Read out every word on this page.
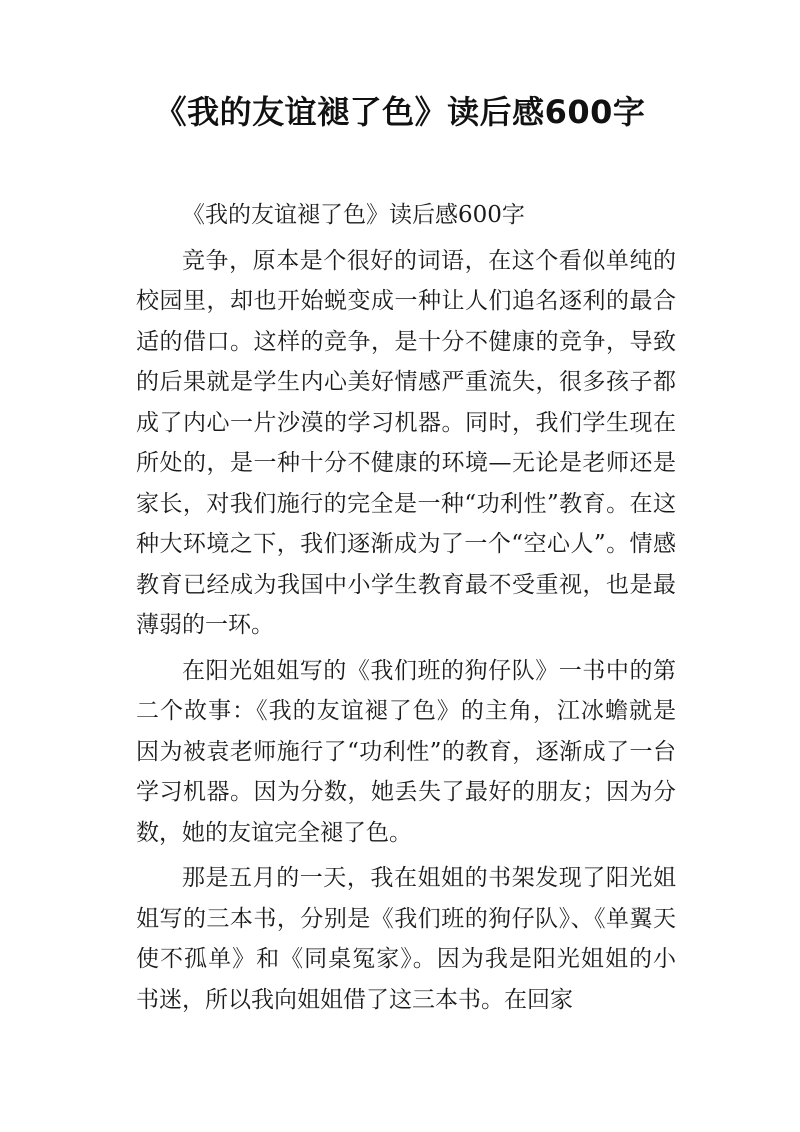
《我的友谊褪了色》读后感600字

《我的友谊褪了色》读后感600字

竞争，原本是个很好的词语，在这个看似单纯的校园里，却也开始蜕变成一种让人们追名逐利的最合适的借口。这样的竞争，是十分不健康的竞争，导致的后果就是学生内心美好情感严重流失，很多孩子都成了内心一片沙漠的学习机器。同时，我们学生现在所处的，是一种十分不健康的环境—无论是老师还是家长，对我们施行的完全是一种“功利性”教育。在这种大环境之下，我们逐渐成为了一个“空心人”。情感教育已经成为我国中小学生教育最不受重视，也是最薄弱的一环。

在阳光姐姐写的《我们班的狗仔队》一书中的第二个故事：《我的友谊褪了色》的主角，江冰蟾就是因为被袁老师施行了“功利性”的教育，逐渐成了一台学习机器。因为分数，她丢失了最好的朋友；因为分数，她的友谊完全褪了色。

那是五月的一天，我在姐姐的书架发现了阳光姐姐写的三本书，分别是《我们班的狗仔队》、《单翼天使不孤单》和《同桌冤家》。因为我是阳光姐姐的小书迷，所以我向姐姐借了这三本书。在回家
